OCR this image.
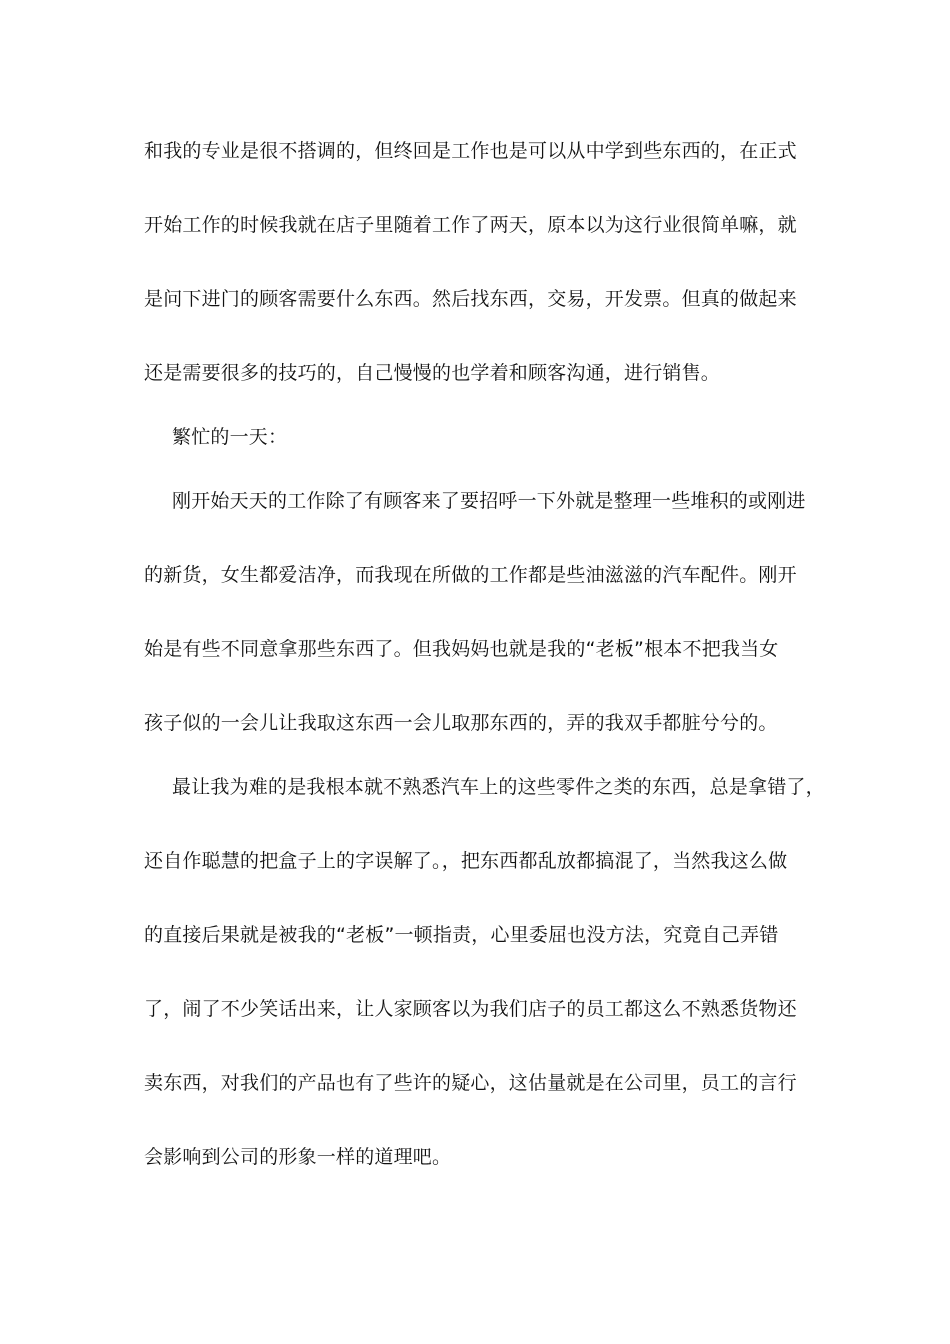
和我的专业是很不搭调的，但终回是工作也是可以从中学到些东西的，在正式
开始工作的时候我就在店子里随着工作了两天，原本以为这行业很简单嘛，就
是问下进门的顾客需要什么东西。然后找东西，交易，开发票。但真的做起来
还是需要很多的技巧的，自己慢慢的也学着和顾客沟通，进行销售。
繁忙的一天：
刚开始天天的工作除了有顾客来了要招呼一下外就是整理一些堆积的或刚进
的新货，女生都爱洁净，而我现在所做的工作都是些油滋滋的汽车配件。刚开
始是有些不同意拿那些东西了。但我妈妈也就是我的“老板”根本不把我当女
孩子似的一会儿让我取这东西一会儿取那东西的，弄的我双手都脏兮兮的。
最让我为难的是我根本就不熟悉汽车上的这些零件之类的东西，总是拿错了，
还自作聪慧的把盒子上的字误解了。，把东西都乱放都搞混了，当然我这么做
的直接后果就是被我的“老板”一顿指责，心里委屈也没方法，究竟自己弄错
了，闹了不少笑话出来，让人家顾客以为我们店子的员工都这么不熟悉货物还
卖东西，对我们的产品也有了些许的疑心，这估量就是在公司里，员工的言行
会影响到公司的形象一样的道理吧。
